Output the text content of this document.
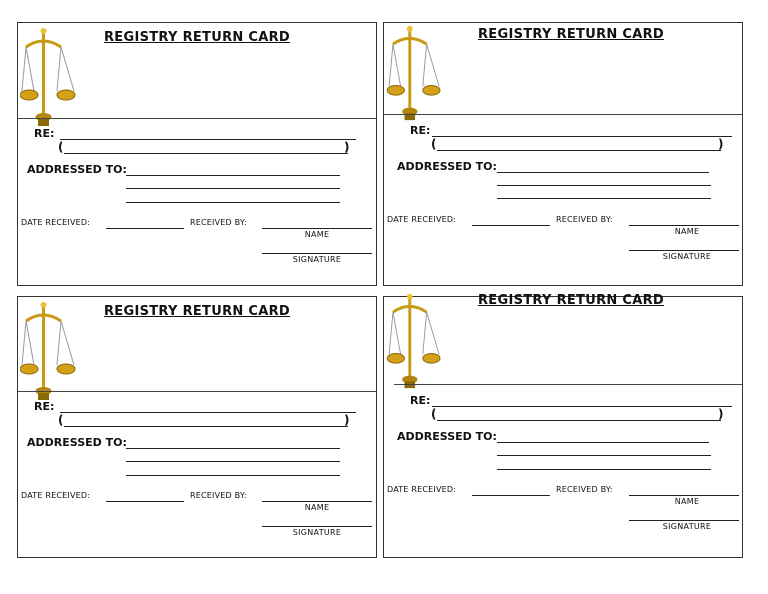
REGISTRY RETURN CARD
RE:
(	)
ADDRESSED TO:
DATE RECEIVED:	RECEIVED BY:
NAME
SIGNATURE
REGISTRY RETURN CARD
RE:
(	)
ADDRESSED TO:
DATE RECEIVED:	RECEIVED BY:
NAME
SIGNATURE
REGISTRY RETURN CARD
RE:
(	)
ADDRESSED TO:
DATE RECEIVED:	RECEIVED BY:
NAME
SIGNATURE
REGISTRY RETURN CARD
RE:
(	)
ADDRESSED TO:
DATE RECEIVED:	RECEIVED BY:
NAME
SIGNATURE
